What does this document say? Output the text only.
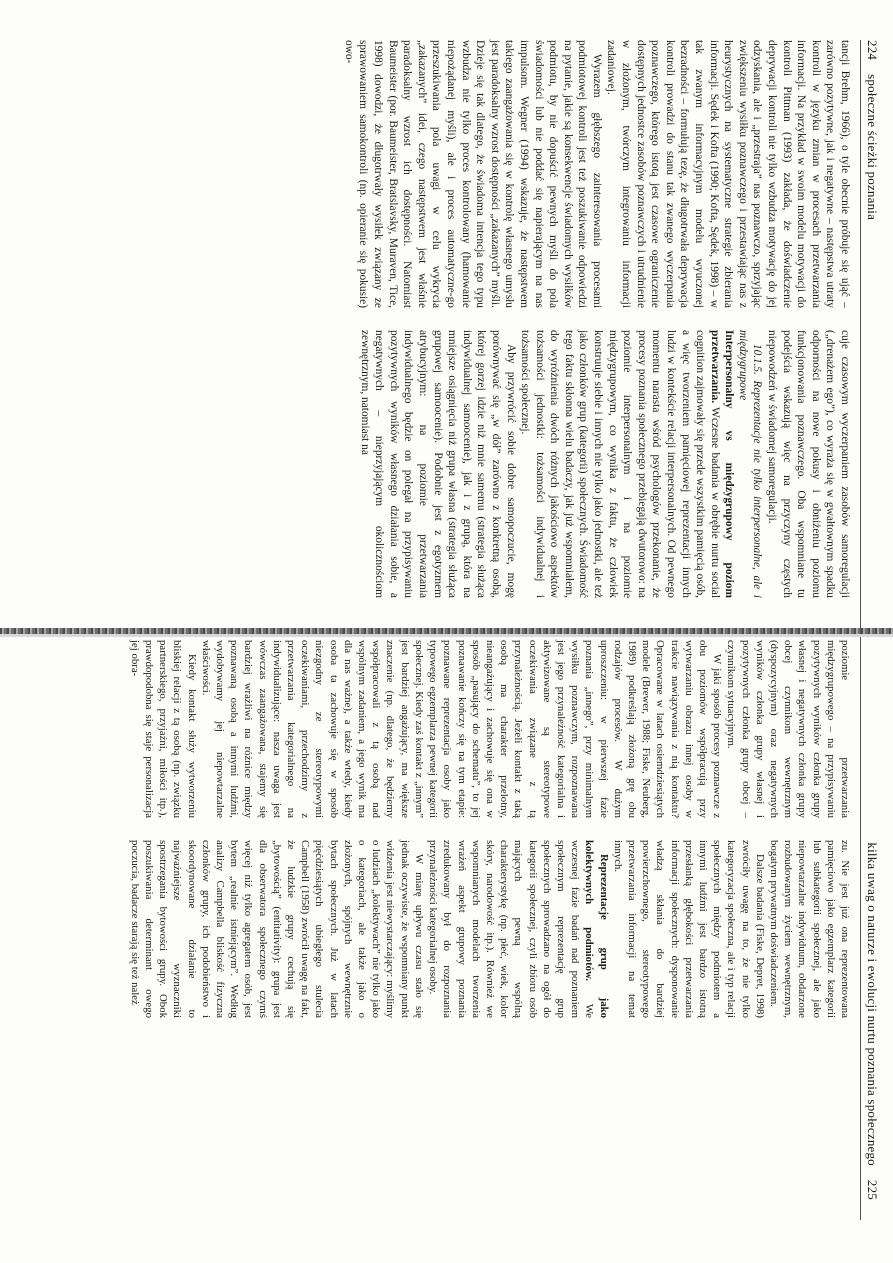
224
społeczne ścieżki poznania

tancji Brehm, 1966), o tyle obecnie próbuje się ująć – zarówno pozytywne, jak i negatywne – następstwa utraty kontroli w języku zmian w procesach przetwarzania informacji. Na przykład w swoim modelu motywacji do kontroli Pittman (1993) zakłada, że doświadczenie deprywacji kontroli nie tylko wzbudza motywację do jej odzyskania, ale i „przestraja” nas poznawczo, sprzyjając zwiększeniu wysiłku poznawczego i przestawiając nas z heurystycznych na systematyczne strategie zbierania informacji. Sędek i Kofta (1990; Kofta, Sędek, 1998) – w tak zwanym informacyjnym modelu wyuczonej bezradności – formułują tezę, że długotrwała deprywacja kontroli prowadzi do stanu tak zwanego wyczerpania poznawczego, którego istotą jest czasowe ograniczenie dostępnych jednostce zasobów poznawczych i utrudnienie w złożonym, twórczym integrowaniu informacji zadaniowej.

Wyrazem głębszego zainteresowania procesami podmiotowej kontroli jest też poszukiwanie odpowiedzi na pytanie, jakie są konsekwencje świadomych wysiłków podmiotu, by nie dopuścić pewnych myśli do pola świadomości lub nie poddać się napierającym na nas impulsom. Wegner (1994) wskazuje, że następstwem takiego zaangażowania się w kontrolę własnego umysłu jest paradoksalny wzrost dostępności „zakazanych” myśli. Dzieje się tak dlatego, że świadoma intencja tego typu wzbudza nie tylko proces kontrolowany (hamowanie niepożądanej myśli), ale i proces automatyczne-go przeszukiwania pola uwagi w celu wykrycia „zakazanych” idei, czego następstwem jest właśnie paradoksalny wzrost ich dostępności. Natomiast Baumeister (por. Baumeister, Bratslavsky, Muraven, Tice, 1998) dowodzi, że długotrwały wysiłek związany ze sprawowaniem samokontroli (np. opieranie się pokusie) owo-

cuje czasowym wyczerpaniem zasobów samoregulacji („drenażem ego”), co wyraża się w gwałtownym spadku odporności na nowe pokusy i obniżeniu poziomu funkcjonowania poznawczego. Oba wspomniane tu podejścia wskazują więc na przyczyny częstych niepowodzeń w świadomej samoregulacji.

10.1.5. Reprezentacje nie tylko interpersonalne, ale i międzygrupowe

Interpersonalny vs międzygrupowy poziom przetwarzania. Wczesne badania w obrębie nurtu social cognition zajmowały się przede wszystkim pamięcią osób, a więc tworzeniem pamięciowej reprezentacji innych ludzi w kontekście relacji interpersonalnych. Od pewnego momentu narasta wśród psychologów przekonanie, że procesy poznania społecznego przebiegają dwutorowo: na poziomie interpersonalnym i na poziomie międzygrupowym, co wynika z faktu, że człowiek konstruuje siebie i innych nie tylko jako jednostki, ale też jako członków grup (kategorii) społecznych. Świadomość tego faktu skłonna wielu badaczy, jak już wspomniałem, do wyróżnienia dwóch różnych jakościowo aspektów tożsamości jednostki: tożsamości indywidualnej i tożsamości społecznej.

Aby przywrócić sobie dobre samopoczucie, mogę porównywać się „w dół” zarówno z konkretną osobą, której gorzej idzie niż mnie samemu (strategia służąca indywidualnej samoocenie), jak i z grupą, która na mniejsze osiągnięcia niż grupa własna (strategia służąca grupowej samoocenie). Podobnie jest z egotyzmem atrybucyjnym: na poziomie przetwarzania indywidualnego będzie on polegał na przypisywaniu pozytywnych wyników własnego działania sobie, a negatywnych – nieprzyjającym okolicznościom zewnętrznym, natomiast na

kilka uwag o naturze i ewolucji nurtu poznania społecznego
225

poziomie przetwarzania międzygrupowego – na przypisywaniu pozytywnych wyników członka grupy własnej i negatywnych członka grupy obcej czynnikom wewnętrznym (dyspozycyjnym) oraz negatywnych wyników członka grupy własnej i pozytywnych członka grupy obcej – czynnikom sytuacyjnym.

W jaki sposób procesy poznawcze z obu poziomów współpracują przy wytwarzaniu obrazu innej osoby w trakcie nawiązywania z nią kontaktu? Opracowane w latach osiemdziesiątych modele (Brewer, 1988; Fiske, Neuberg, 1989) podkreślają złożoną grę obu rodzajów procesów. W dużym uproszczeniu: w pierwszej fazie poznania „innego”, przy minimalnym wysiłku poznawczym, rozpoznawana jest jego przynależność kategorialna i aktywizowane są stereotypowe oczekiwania związane z tą przynależnością. Jeżeli kontakt z taką osobą ma charakter przelotny, nieangażujący i zachowuje się ona w sposób „pasujący do schematu”, to jej poznawanie kończy się na tym etapie: poznawane reprezentacja osoby jako typowego egzemplarza pewnej kategorii społecznej. Kiedy zaś kontakt z „innym” jest bardziej angażujący, ma większe znaczenie (np. dlatego, że będziemy współpracowali z tą osobą nad wspólnym zadaniem, a jego wynik ma dla nas ważne), a także wtedy, kiedy osoba ta zachowuje się w sposób niezgodny ze stereotypowymi oczekiwaniami, przechodzimy z przetwarzania kategorialnego na indywidualizujące: nasza uwaga jest wówczas zaangażowana, stajemy się bardziej wrażliwi na różnice między poznawaną osobą a innymi ludźmi, wydobywamy jej niepowtarzalne właściwości.

Kiedy kontakt służy wytworzeniu bliskiej relacji z tą osobą (np. związku partnerskiego, przyjaźni, miłości itp.), prawdopodobna się staje personalizacja jej obra-

zu. Nie jest już ona reprezentowana pamięciowo jako egzemplarz kategorii lub subkategorii społecznej, ale jako niepowtarzalne indywiduum, obdarzone rozbudowanym życiem wewnętrznym, bogatym prywatnym doświadczeniem.

Dalsze badania (Fiske, Depret, 1998) zwróciły uwagę na to, że nie tylko kategoryzacja społeczna, ale i typ relacji społecznych między podmiotem a innymi ludźmi jest bardzo istotną przesłanką głębokości przetwarzania informacji społecznych: dysponowanie władzą skłania do bardziej powierzchownego, stereotypowego przetwarzania informacji na temat innych.

Reprezentacje grup jako kolektywnych podmiotów. We wczesnej fazie badań nad poznaniem społecznym reprezentację grup społecznych sprowadzano na ogół do kategorii społecznej, czyli zbioru osób mających pewną wspólną charakterystykę (np. płeć, wiek, kolor skóry, narodowość itp.). Również we wspomnianych modelach tworzenia wrażeń aspekt grupowy poznania zredukowany był do rozpoznania przynależności kategorialnej osoby.

W miarę upływu czasu stało się jednak oczywiste, że wspomniany punkt widzenia jest niewystarczający: myślimy o ludziach „kolektywach” nie tylko jako o kategoriach, ale także jako o złożonych, spójnych wewnętrznie bytach społecznych. Już w latach pięćdziesiątych ubiegłego stulecia Campbell (1958) zwrócił uwagę na fakt, że ludzkie grupy cechują się „bytowością” (entitativity): grupa jest dla obserwatora społecznego czymś więcej niż tylko agregatem osób, jest bytem „realnie istniejącym”. Według analizy Campbella bliskość fizyczna członków grupy, ich podobieństwo i skoordynowane działanie to najważniejsze wyznaczniki spostrzegania bytowości grupy. Obok poszukiwania determinant owego poczucia, badacze starają się też należ
